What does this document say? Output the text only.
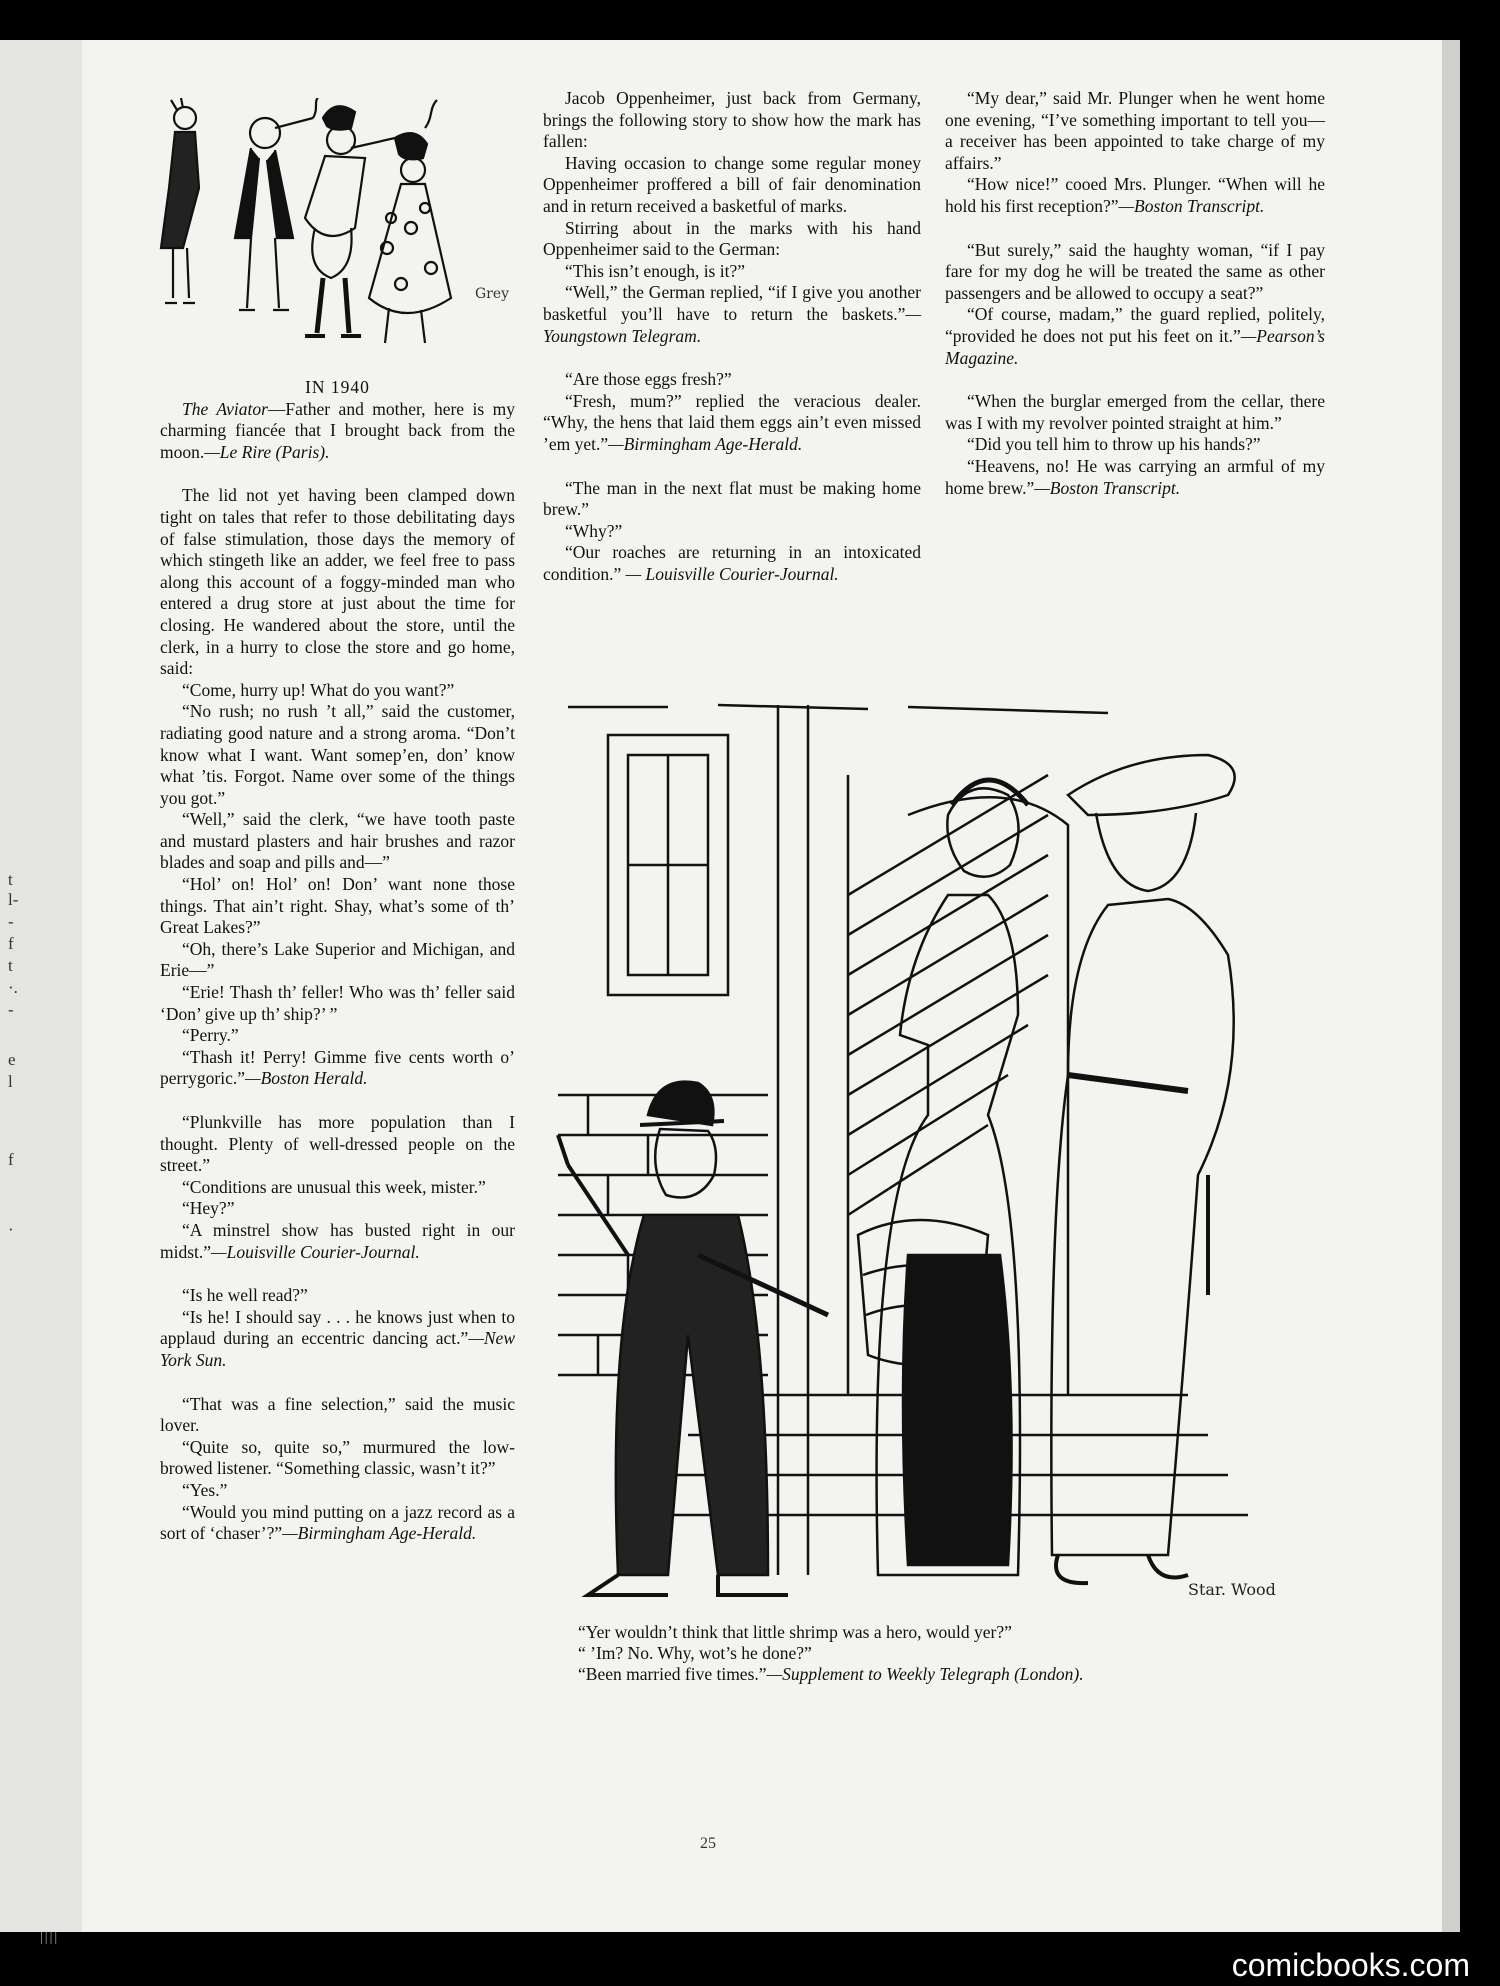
t
l-
-
f
t
·.
-
e
l
f
·
Grey

IN 1940

The Aviator—Father and mother, here is my charming fiancée that I brought back from the moon.—Le Rire (Paris).

The lid not yet having been clamped down tight on tales that refer to those debilitating days of false stimulation, those days the memory of which stingeth like an adder, we feel free to pass along this account of a foggy-minded man who entered a drug store at just about the time for closing. He wandered about the store, until the clerk, in a hurry to close the store and go home, said:

“Come, hurry up! What do you want?”

“No rush; no rush ’t all,” said the customer, radiating good nature and a strong aroma. “Don’t know what I want. Want somep’en, don’ know what ’tis. Forgot. Name over some of the things you got.”

“Well,” said the clerk, “we have tooth paste and mustard plasters and hair brushes and razor blades and soap and pills and—”

“Hol’ on! Hol’ on! Don’ want none those things. That ain’t right. Shay, what’s some of th’ Great Lakes?”

“Oh, there’s Lake Superior and Michigan, and Erie—”

“Erie! Thash th’ feller! Who was th’ feller said ‘Don’ give up th’ ship?’ ”

“Perry.”

“Thash it! Perry! Gimme five cents worth o’ perrygoric.”—Boston Herald.

“Plunkville has more population than I thought. Plenty of well-dressed people on the street.”

“Conditions are unusual this week, mister.”

“Hey?”

“A minstrel show has busted right in our midst.”—Louisville Courier-Journal.

“Is he well read?”

“Is he! I should say . . . he knows just when to applaud during an eccentric dancing act.”—New York Sun.

“That was a fine selection,” said the music lover.

“Quite so, quite so,” murmured the low-browed listener. “Something classic, wasn’t it?”

“Yes.”

“Would you mind putting on a jazz record as a sort of ‘chaser’?”—Birmingham Age-Herald.

Jacob Oppenheimer, just back from Germany, brings the following story to show how the mark has fallen:

Having occasion to change some regular money Oppenheimer proffered a bill of fair denomination and in return received a basketful of marks.

Stirring about in the marks with his hand Oppenheimer said to the German:

“This isn’t enough, is it?”

“Well,” the German replied, “if I give you another basketful you’ll have to return the baskets.”—Youngstown Telegram.

“Are those eggs fresh?”

“Fresh, mum?” replied the veracious dealer. “Why, the hens that laid them eggs ain’t even missed ’em yet.”—Birmingham Age-Herald.

“The man in the next flat must be making home brew.”

“Why?”

“Our roaches are returning in an intoxicated condition.” — Louisville Courier-Journal.

“My dear,” said Mr. Plunger when he went home one evening, “I’ve something important to tell you—a receiver has been appointed to take charge of my affairs.”

“How nice!” cooed Mrs. Plunger. “When will he hold his first reception?”—Boston Transcript.

“But surely,” said the haughty woman, “if I pay fare for my dog he will be treated the same as other passengers and be allowed to occupy a seat?”

“Of course, madam,” the guard replied, politely, “provided he does not put his feet on it.”—Pearson’s Magazine.

“When the burglar emerged from the cellar, there was I with my revolver pointed straight at him.”

“Did you tell him to throw up his hands?”

“Heavens, no! He was carrying an armful of my home brew.”—Boston Transcript.

Star. Wood

“Yer wouldn’t think that little shrimp was a hero, would yer?”

“ ’Im? No. Why, wot’s he done?”

“Been married five times.”—Supplement to Weekly Telegraph (London).

25
||||
comicbooks.com
